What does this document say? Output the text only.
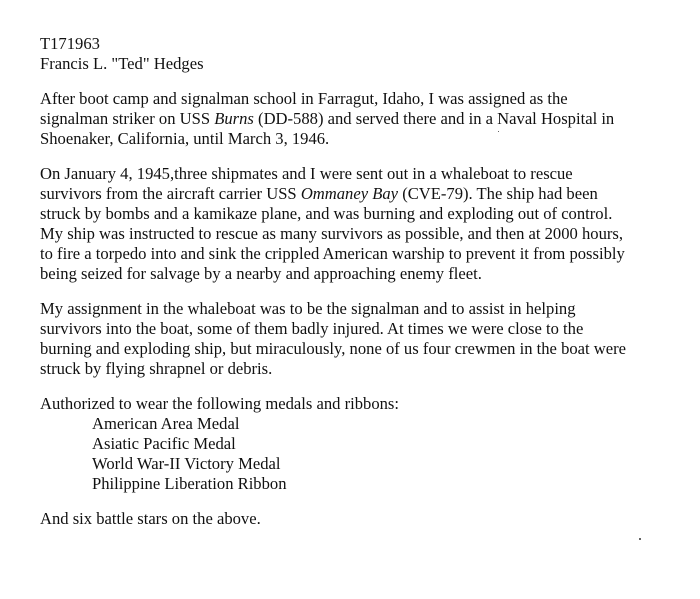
T171963
Francis L. "Ted" Hedges
After boot camp and signalman school in Farragut, Idaho, I was assigned as the
signalman striker on USS Burns (DD-588) and served there and in a Naval Hospital in
Shoenaker, California, until March 3, 1946.
On January 4, 1945,three shipmates and I were sent out in a whaleboat to rescue
survivors from the aircraft carrier USS Ommaney Bay (CVE-79). The ship had been
struck by bombs and a kamikaze plane, and was burning and exploding out of control.
My ship was instructed to rescue as many survivors as possible, and then at 2000 hours,
to fire a torpedo into and sink the crippled American warship to prevent it from possibly
being seized for salvage by a nearby and approaching enemy fleet.
My assignment in the whaleboat was to be the signalman and to assist in helping
survivors into the boat, some of them badly injured. At times we were close to the
burning and exploding ship, but miraculously, none of us four crewmen in the boat were
struck by flying shrapnel or debris.
Authorized to wear the following medals and ribbons:
American Area Medal
Asiatic Pacific Medal
World War-II Victory Medal
Philippine Liberation Ribbon
And six battle stars on the above.
